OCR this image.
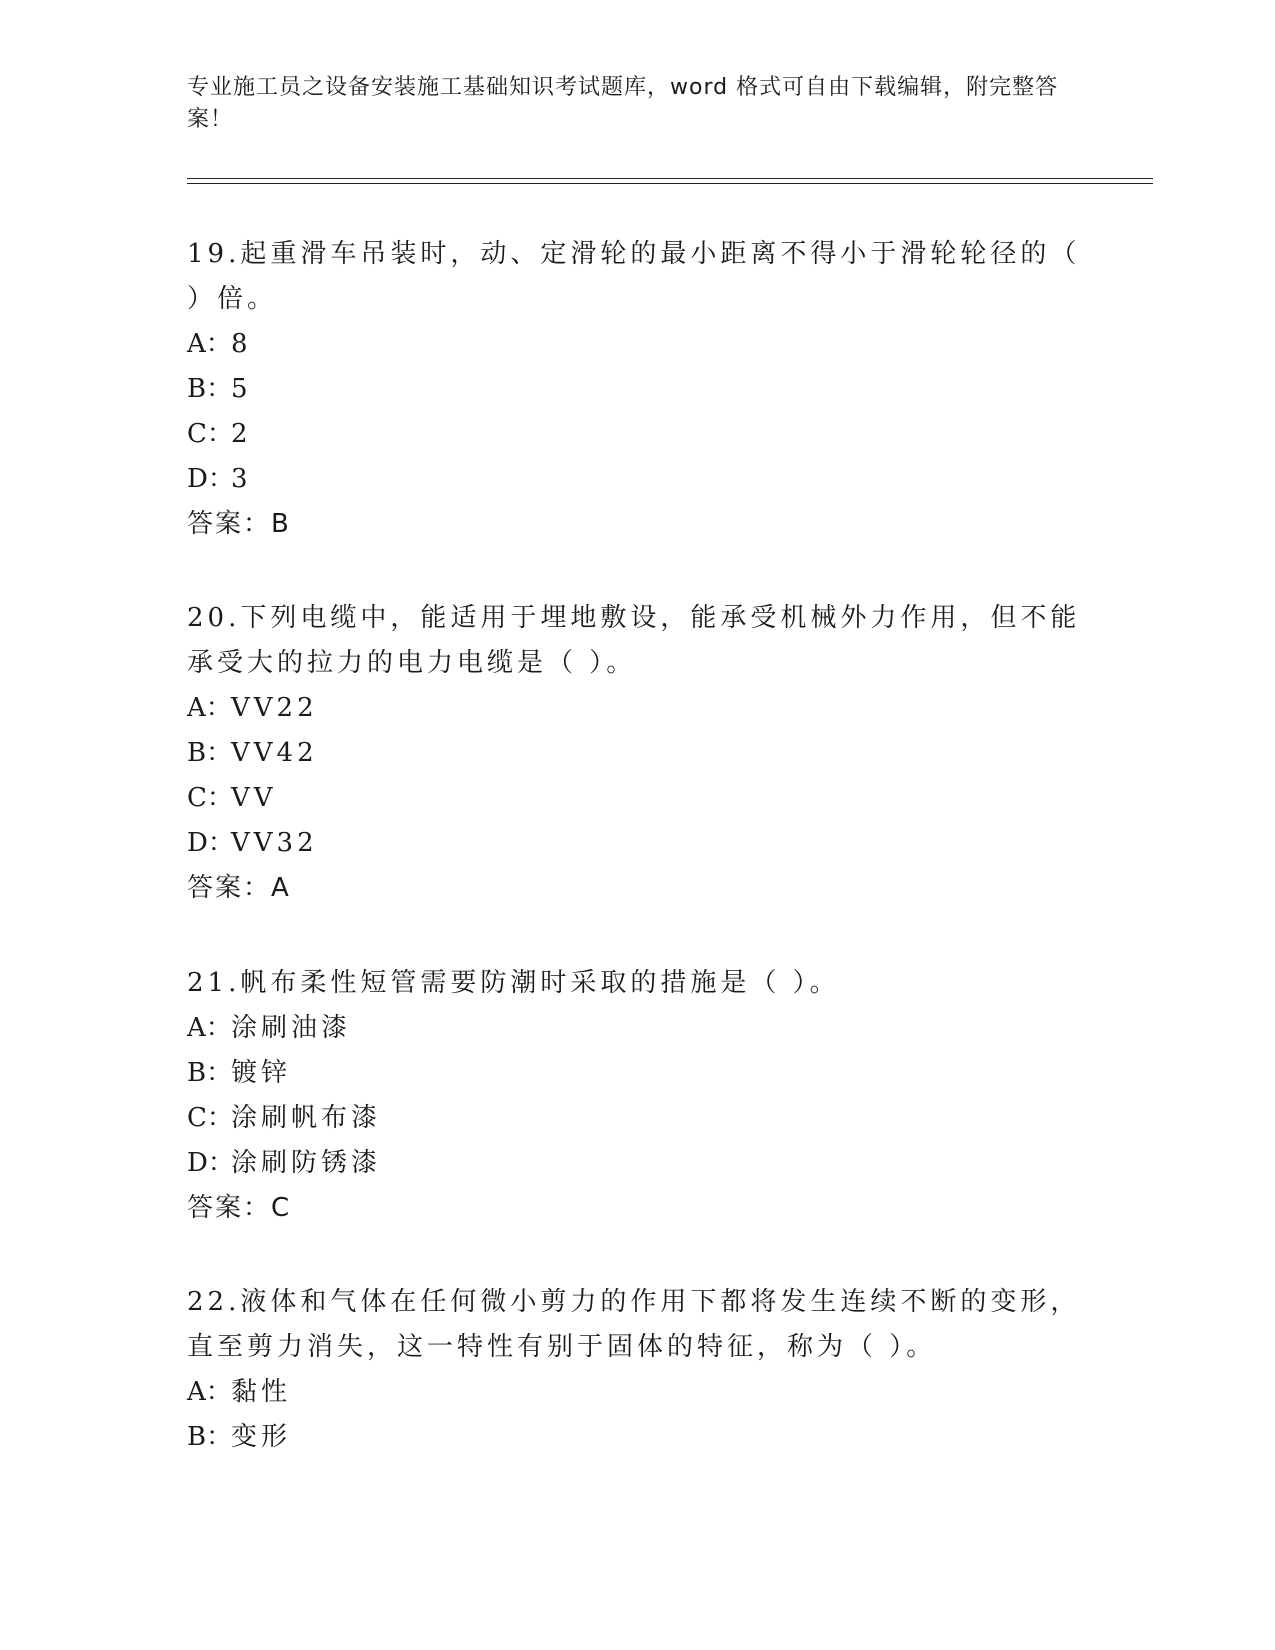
专业施工员之设备安装施工基础知识考试题库，word 格式可自由下载编辑，附完整答案！

19.起重滑车吊装时，动、定滑轮的最小距离不得小于滑轮轮径的（ ）倍。

A：8

B：5

C：2

D：3

答案：B

20.下列电缆中，能适用于埋地敷设，能承受机械外力作用，但不能承受大的拉力的电力电缆是（ ）。

A：VV22

B：VV42

C：VV

D：VV32

答案：A

21.帆布柔性短管需要防潮时采取的措施是（ ）。

A：涂刷油漆

B：镀锌

C：涂刷帆布漆

D：涂刷防锈漆

答案：C

22.液体和气体在任何微小剪力的作用下都将发生连续不断的变形，直至剪力消失，这一特性有别于固体的特征，称为（ ）。

A：黏性

B：变形
